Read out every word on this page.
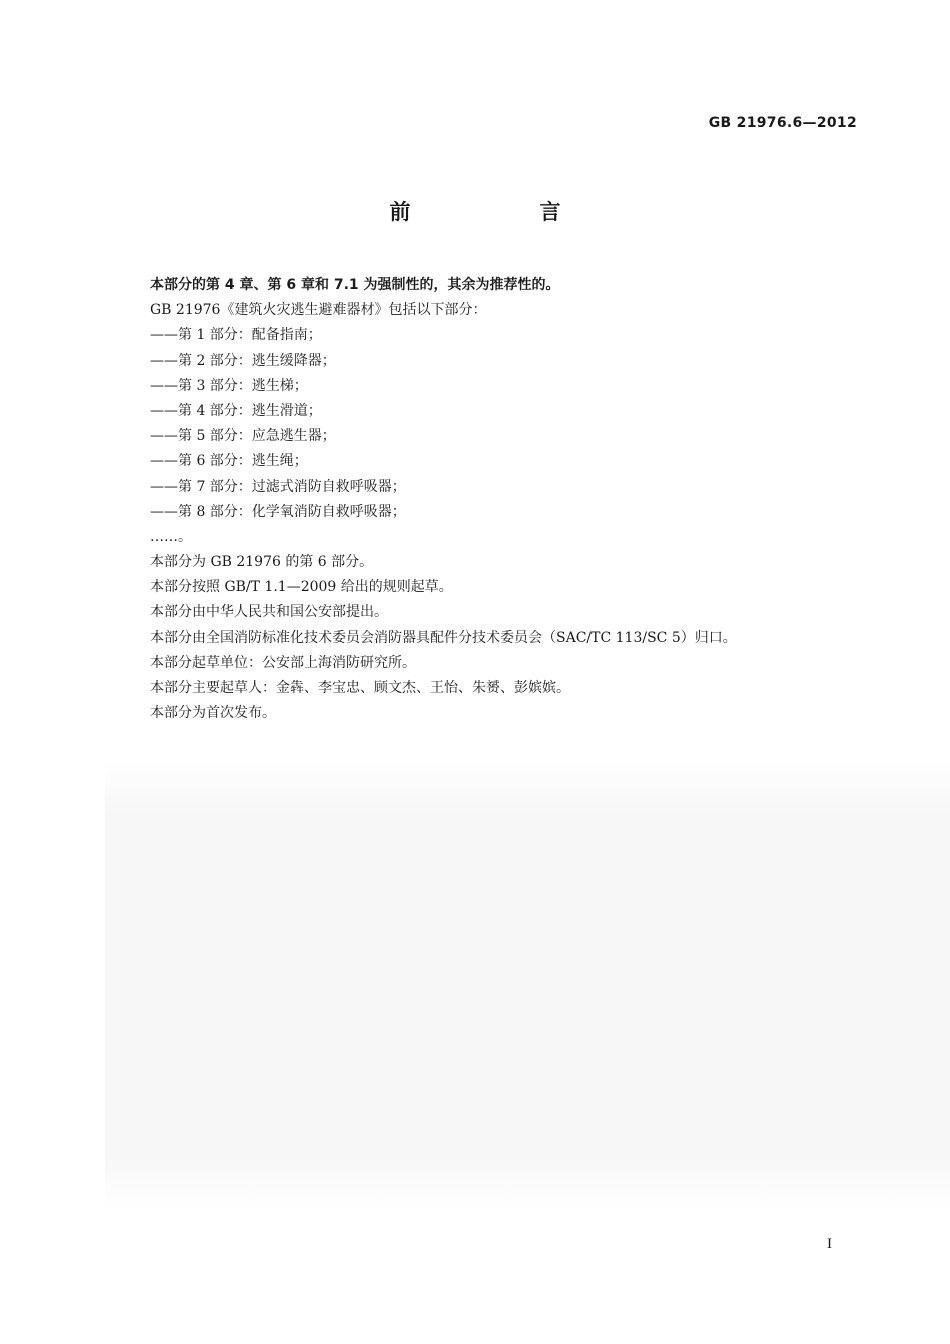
GB 21976.6—2012
前　言
本部分的第 4 章、第 6 章和 7.1 为强制性的，其余为推荐性的。
GB 21976《建筑火灾逃生避难器材》包括以下部分：
——第 1 部分：配备指南；
——第 2 部分：逃生缓降器；
——第 3 部分：逃生梯；
——第 4 部分：逃生滑道；
——第 5 部分：应急逃生器；
——第 6 部分：逃生绳；
——第 7 部分：过滤式消防自救呼吸器；
——第 8 部分：化学氧消防自救呼吸器；
……。
本部分为 GB 21976 的第 6 部分。
本部分按照 GB/T 1.1—2009 给出的规则起草。
本部分由中华人民共和国公安部提出。
本部分由全国消防标准化技术委员会消防器具配件分技术委员会（SAC/TC 113/SC 5）归口。
本部分起草单位：公安部上海消防研究所。
本部分主要起草人：金犇、李宝忠、顾文杰、王怡、朱赟、彭嫔嫔。
本部分为首次发布。
I
